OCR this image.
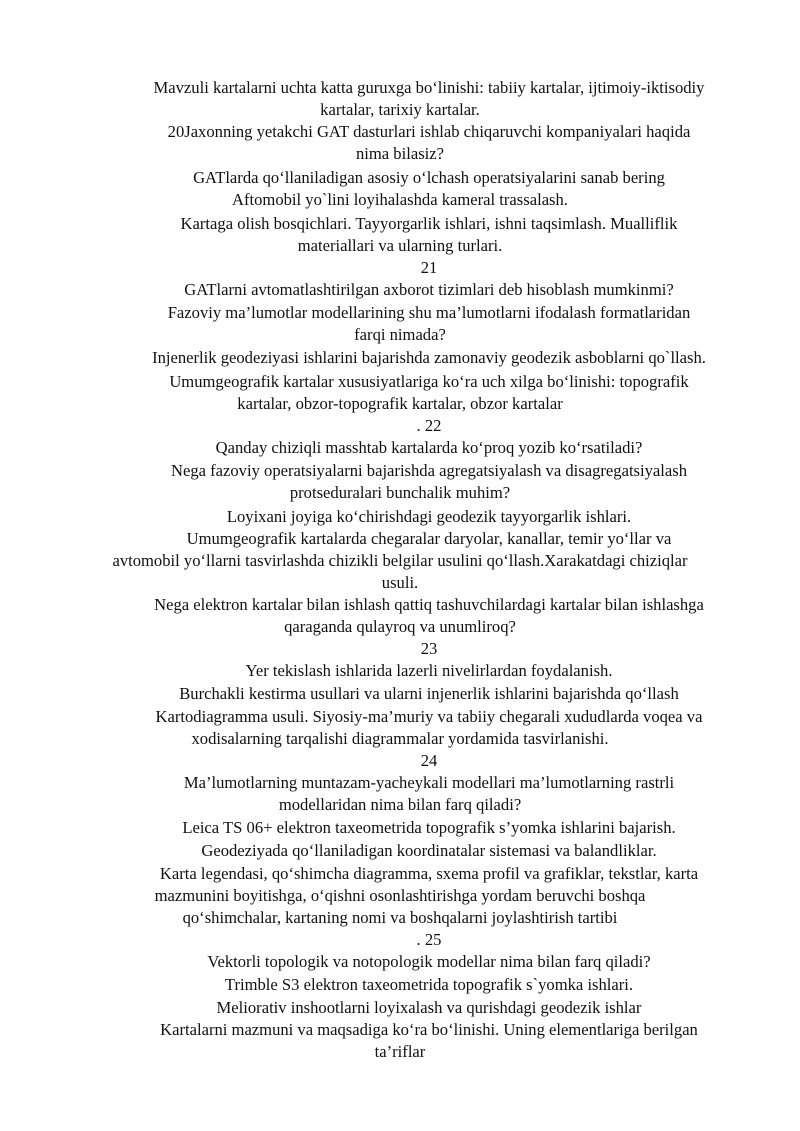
Mavzuli kartalarni uchta katta guruxga bo‘linishi: tabiiy kartalar, ijtimoiy-iktisodiy
kartalar, tarixiy kartalar.
20Jaxonning yetakchi GAT dasturlari ishlab chiqaruvchi kompaniyalari haqida
nima bilasiz?
GATlarda qo‘llaniladigan asosiy o‘lchash operatsiyalarini sanab bering
Aftomobil yo`lini loyihalashda kameral trassalash.
Kartaga olish bosqichlari. Tayyorgarlik ishlari, ishni taqsimlash. Mualliflik
materiallari va ularning turlari.
21
GATlarni avtomatlashtirilgan axborot tizimlari deb hisoblash mumkinmi?
Fazoviy ma’lumotlar modellarining shu ma’lumotlarni ifodalash formatlaridan
farqi nimada?
Injenerlik geodeziyasi ishlarini bajarishda zamonaviy geodezik asboblarni qo`llash.
Umumgeografik kartalar xususiyatlariga ko‘ra uch xilga bo‘linishi: topografik
kartalar, obzor-topografik kartalar, obzor kartalar
. 22
Qanday chiziqli masshtab kartalarda ko‘proq yozib ko‘rsatiladi?
Nega fazoviy operatsiyalarni bajarishda agregatsiyalash va disagregatsiyalash
protseduralari bunchalik muhim?
Loyixani joyiga ko‘chirishdagi geodezik tayyorgarlik ishlari.
Umumgeografik kartalarda chegaralar daryolar, kanallar, temir yo‘llar va
avtomobil yo‘llarni tasvirlashda chizikli belgilar usulini qo‘llash.Xarakatdagi chiziqlar
usuli.
Nega elektron kartalar bilan ishlash qattiq tashuvchilardagi kartalar bilan ishlashga
qaraganda qulayroq va unumliroq?
23
Yer tekislash ishlarida lazerli nivelirlardan foydalanish.
Burchakli kestirma usullari va ularni injenerlik ishlarini bajarishda qo‘llash
Kartodiagramma usuli. Siyosiy-ma’muriy va tabiiy chegarali xududlarda voqea va
xodisalarning tarqalishi diagrammalar yordamida tasvirlanishi.
24
Ma’lumotlarning muntazam-yacheykali modellari ma’lumotlarning rastrli
modellaridan nima bilan farq qiladi?
Leica TS 06+ elektron taxeometrida topografik s’yomka ishlarini bajarish.
Geodeziyada qo‘llaniladigan koordinatalar sistemasi va balandliklar.
Karta legendasi, qo‘shimcha diagramma, sxema profil va grafiklar, tekstlar, karta
mazmunini boyitishga, o‘qishni osonlashtirishga yordam beruvchi boshqa
qo‘shimchalar, kartaning nomi va boshqalarni joylashtirish tartibi
. 25
Vektorli topologik va notopologik modellar nima bilan farq qiladi?
Trimble S3 elektron taxeometrida topografik s`yomka ishlari.
Meliorativ inshootlarni loyixalash va qurishdagi geodezik ishlar
Kartalarni mazmuni va maqsadiga ko‘ra bo‘linishi. Uning elementlariga berilgan
ta’riflar
